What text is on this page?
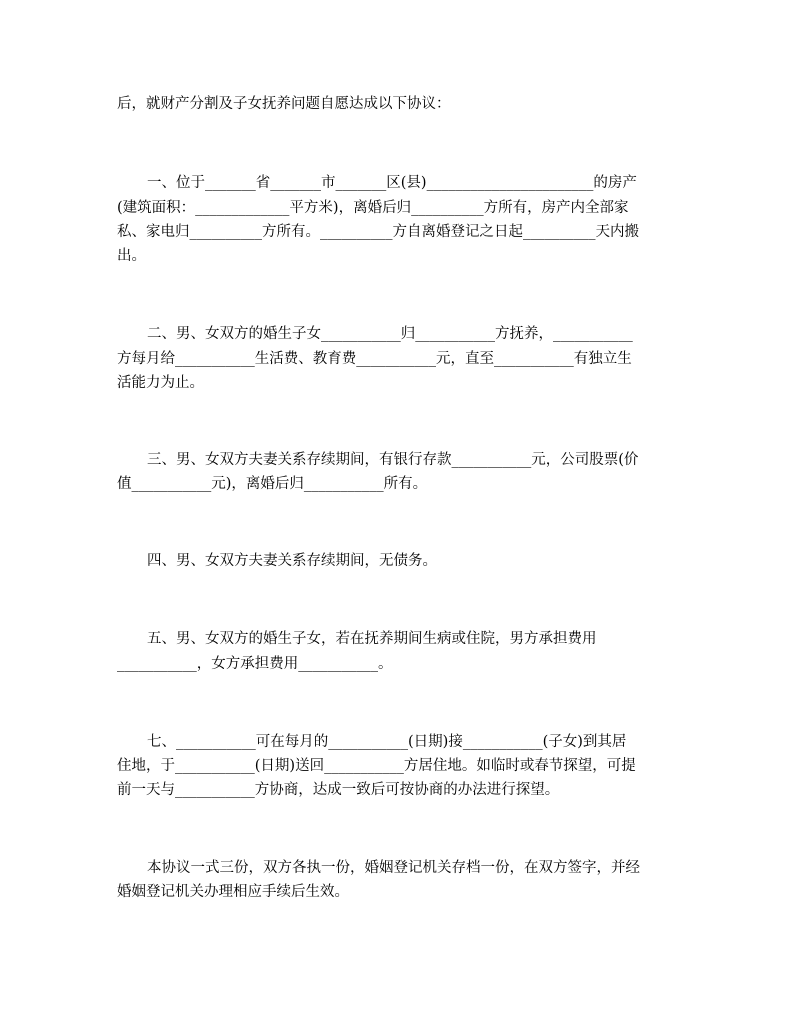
后，就财产分割及子女抚养问题自愿达成以下协议：
一、位于_______省_______市_______区(县)_______________________的房产
(建筑面积：_____________平方米)，离婚后归__________方所有，房产内全部家
私、家电归__________方所有。__________方自离婚登记之日起__________天内搬
出。
二、男、女双方的婚生子女___________归___________方抚养，___________
方每月给___________生活费、教育费___________元，直至___________有独立生
活能力为止。
三、男、女双方夫妻关系存续期间，有银行存款___________元，公司股票(价
值___________元)，离婚后归___________所有。
四、男、女双方夫妻关系存续期间，无债务。
五、男、女双方的婚生子女，若在抚养期间生病或住院，男方承担费用
___________，女方承担费用___________。
七、___________可在每月的___________(日期)接___________(子女)到其居
住地，于___________(日期)送回___________方居住地。如临时或春节探望，可提
前一天与___________方协商，达成一致后可按协商的办法进行探望。
本协议一式三份，双方各执一份，婚姻登记机关存档一份，在双方签字，并经
婚姻登记机关办理相应手续后生效。
